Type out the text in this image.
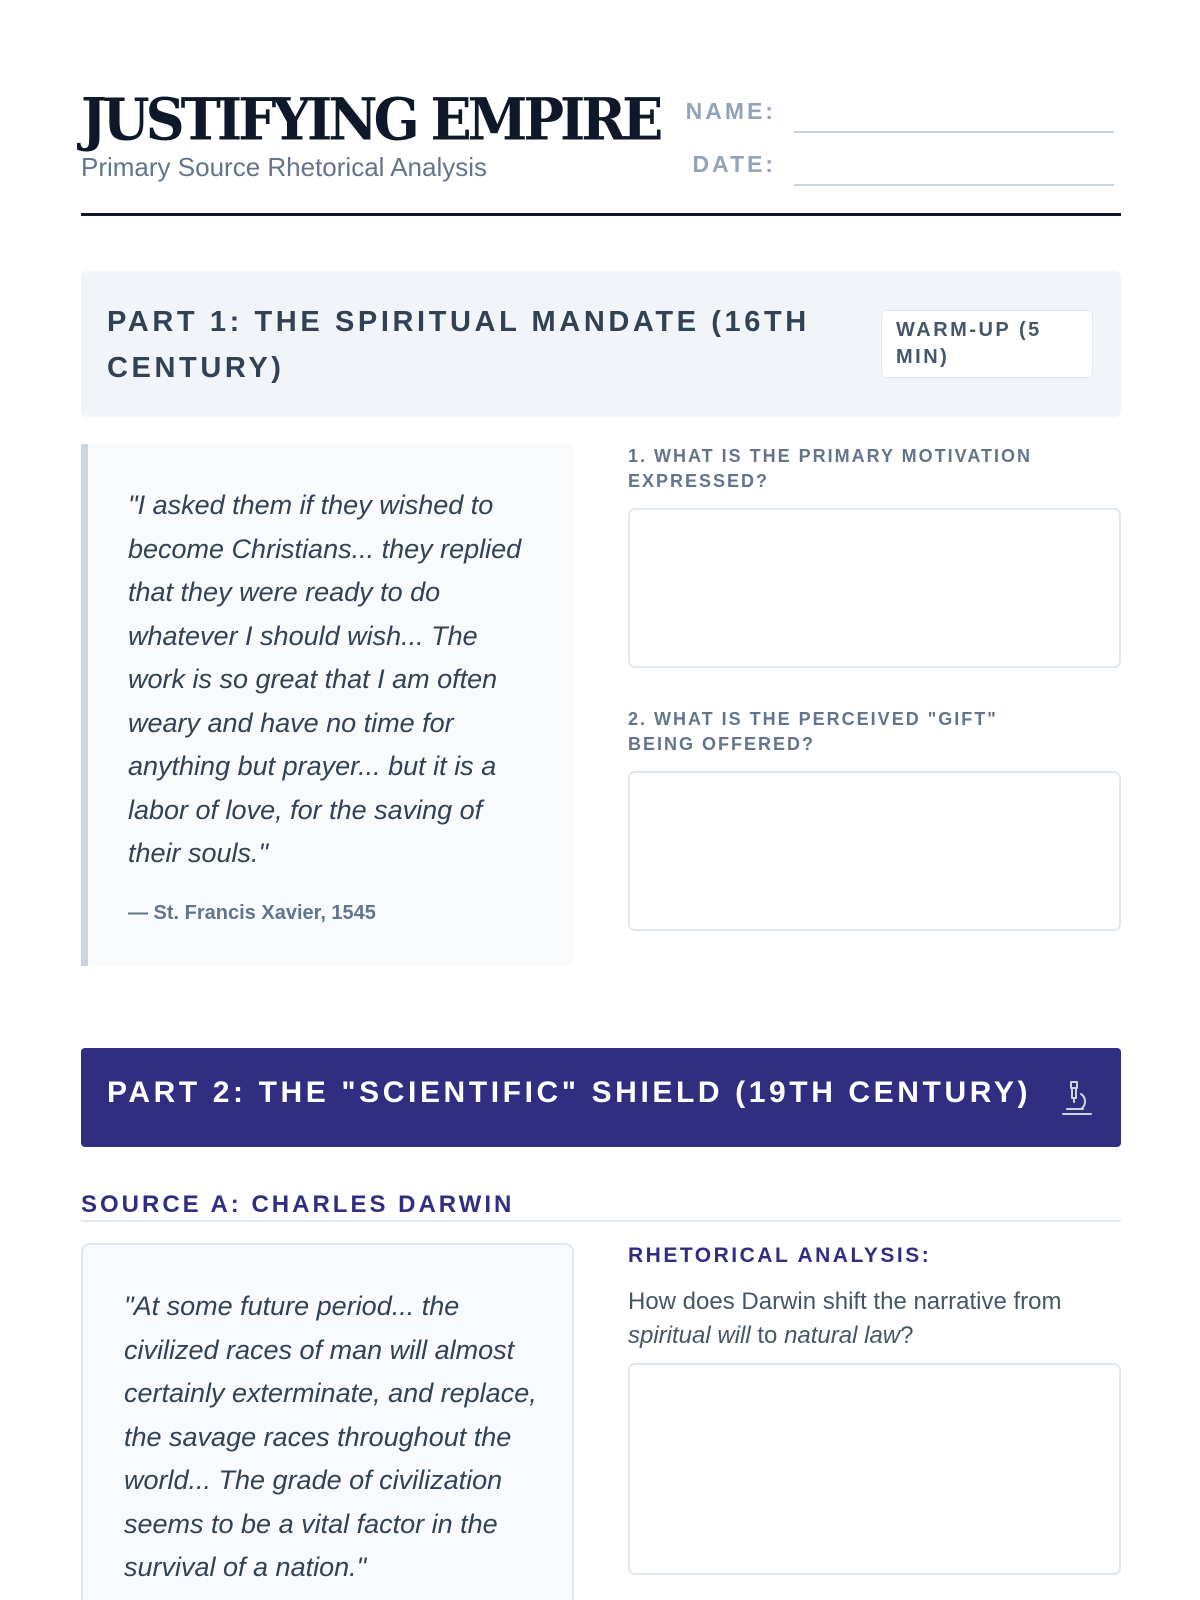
JUSTIFYING EMPIRE
Primary Source Rhetorical Analysis
NAME:
DATE:
PART 1: THE SPIRITUAL MANDATE (16TH CENTURY)
WARM-UP (5 MIN)
"I asked them if they wished to become Christians... they replied that they were ready to do whatever I should wish... The work is so great that I am often weary and have no time for anything but prayer... but it is a labor of love, for the saving of their souls."
— St. Francis Xavier, 1545
1. WHAT IS THE PRIMARY MOTIVATION EXPRESSED?
2. WHAT IS THE PERCEIVED "GIFT" BEING OFFERED?
PART 2: THE "SCIENTIFIC" SHIELD (19TH CENTURY)
SOURCE A: CHARLES DARWIN
"At some future period... the civilized races of man will almost certainly exterminate, and replace, the savage races throughout the world... The grade of civilization seems to be a vital factor in the survival of a nation."
RHETORICAL ANALYSIS:
How does Darwin shift the narrative from spiritual will to natural law?
